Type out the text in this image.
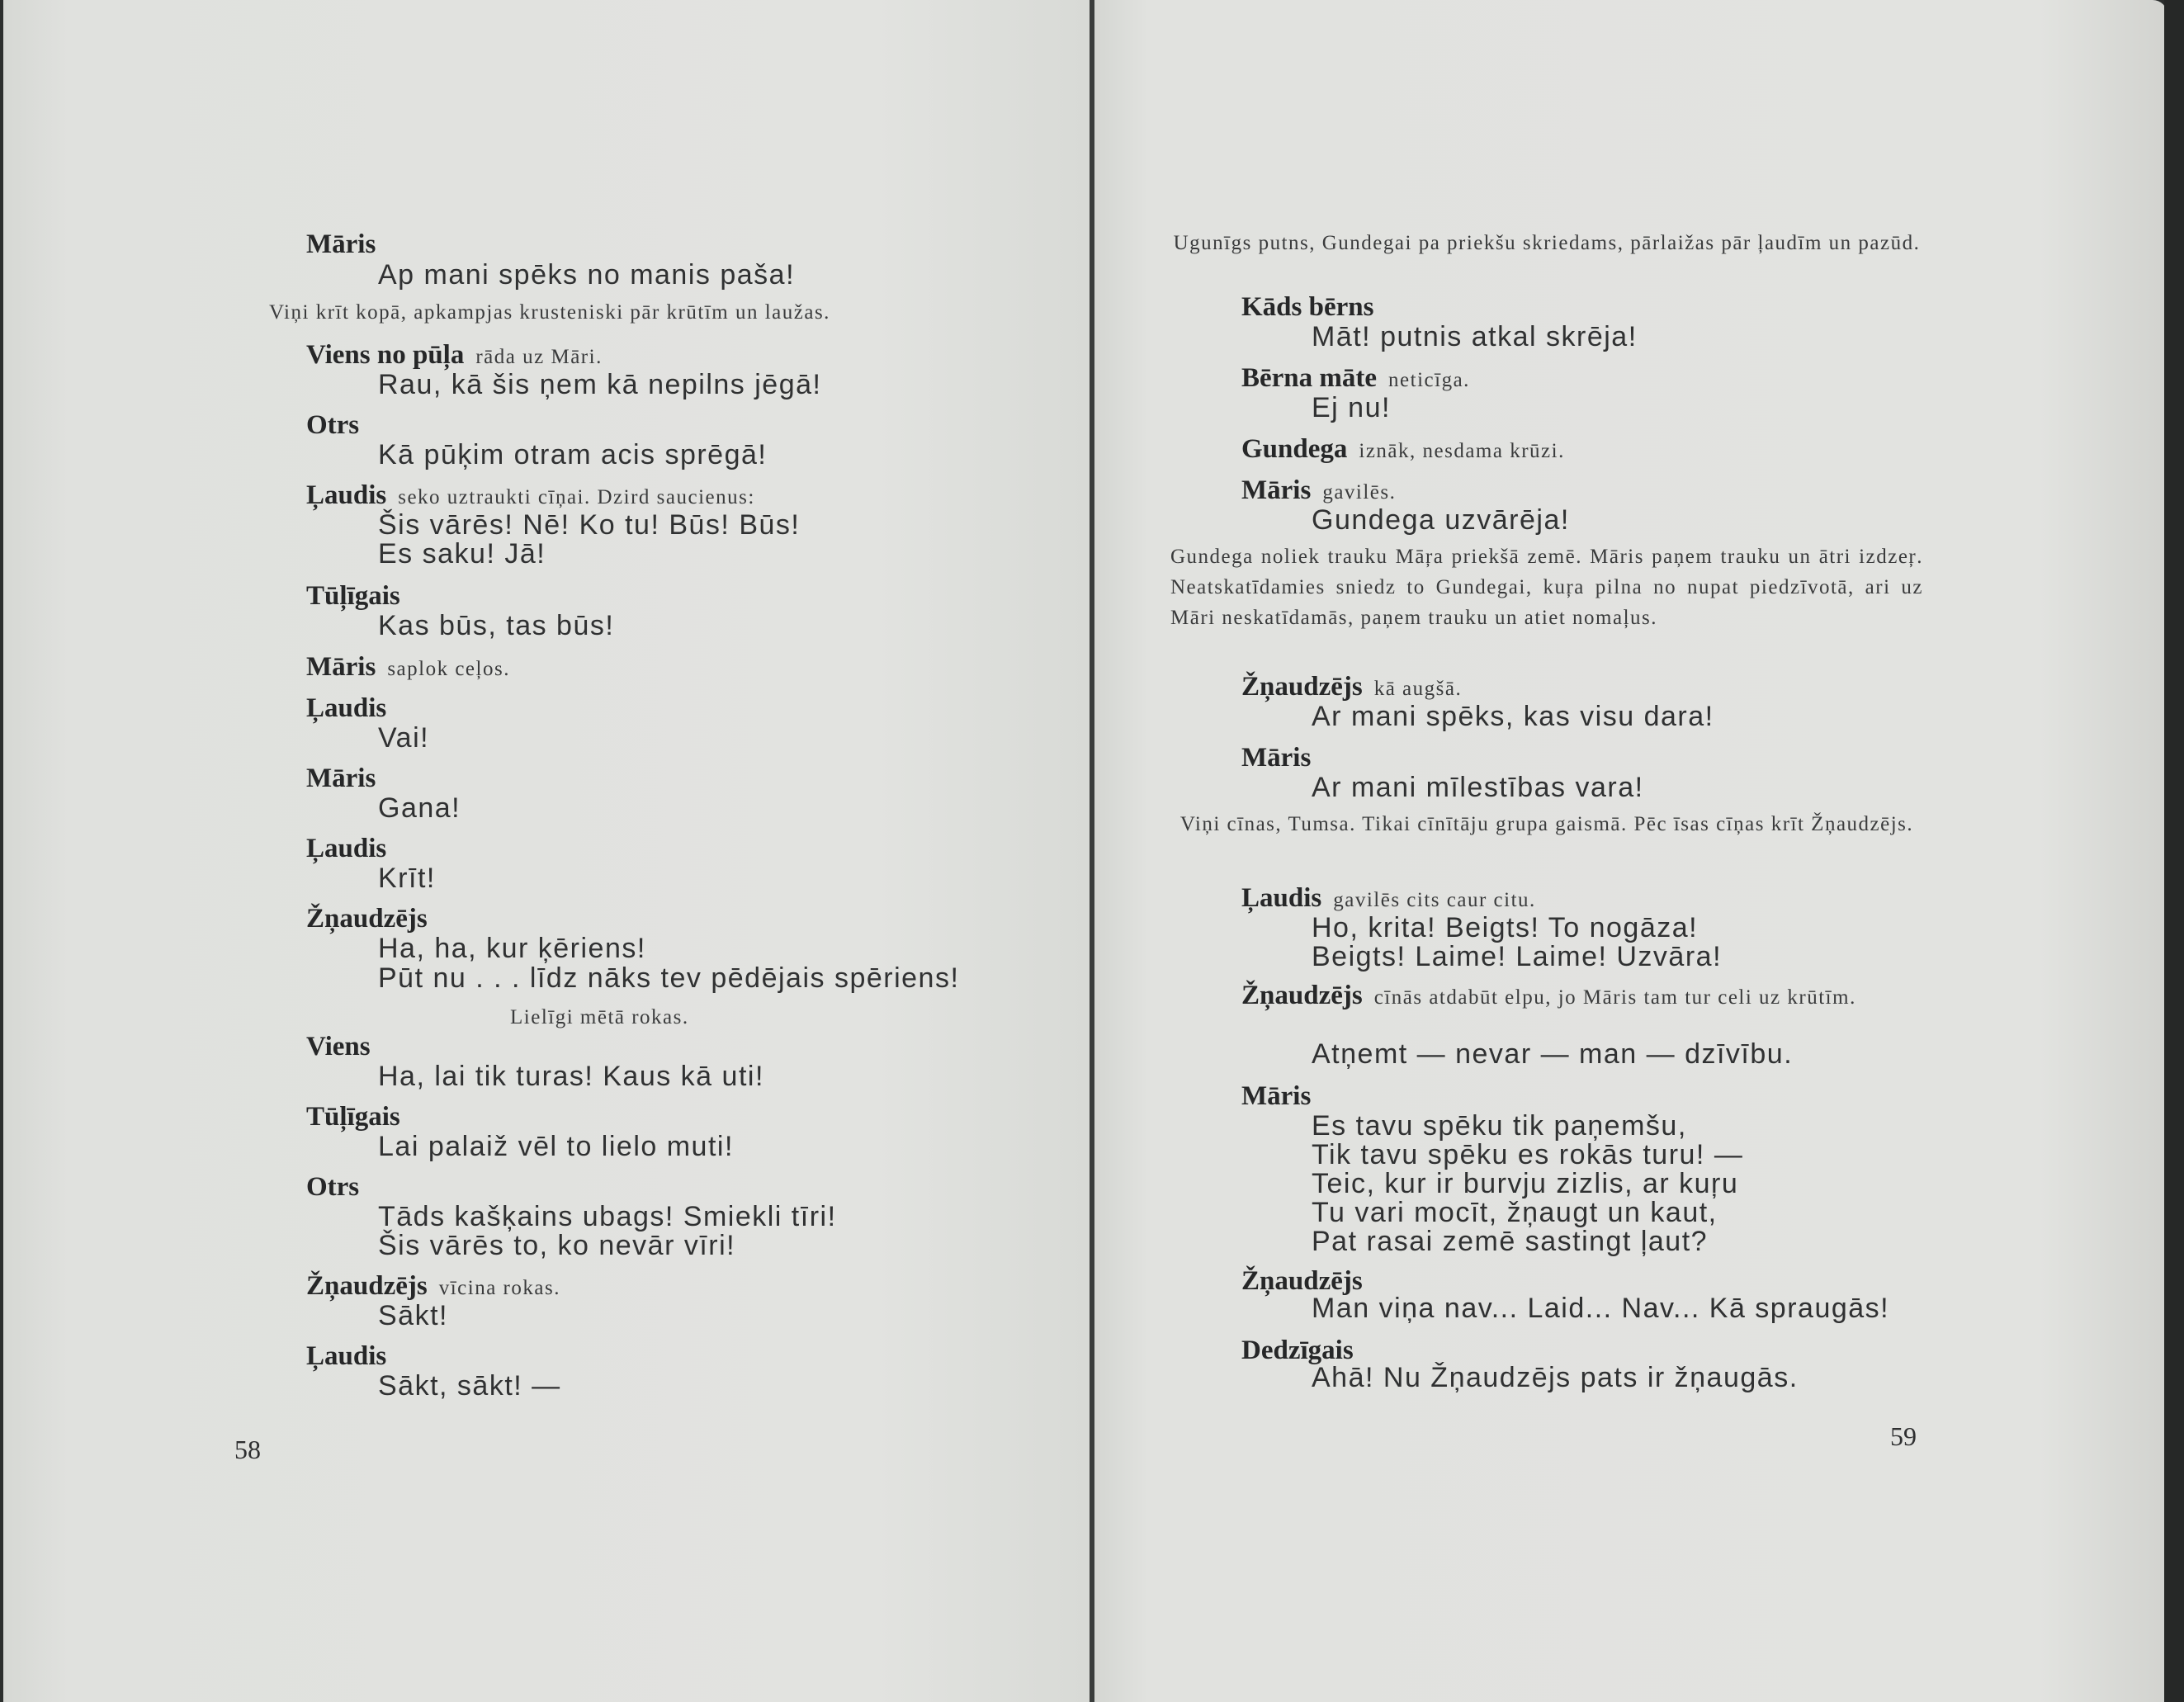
Māris
Ap mani spēks no manis paša!
Viņi krīt kopā, apkampjas krusteniski pār krūtīm un laužas.
Viens no pūļa rāda uz Māri.
Rau, kā šis ņem kā nepilns jēgā!
Otrs
Kā pūķim otram acis sprēgā!
Ļaudis seko uztraukti cīņai. Dzird saucienus:
Šis vārēs! Nē! Ko tu! Būs! Būs!
Es saku! Jā!
Tūļīgais
Kas būs, tas būs!
Māris saplok ceļos.
Ļaudis
Vai!
Māris
Gana!
Ļaudis
Krīt!
Žņaudzējs
Ha, ha, kur ķēriens!
Pūt nu . . . līdz nāks tev pēdējais spēriens!
Lielīgi mētā rokas.
Viens
Ha, lai tik turas! Kaus kā uti!
Tūļīgais
Lai palaiž vēl to lielo muti!
Otrs
Tāds kašķains ubags! Smiekli tīri!
Šis vārēs to, ko nevār vīri!
Žņaudzējs vīcina rokas.
Sākt!
Ļaudis
Sākt, sākt! —
58
Ugunīgs putns, Gundegai pa priekšu skriedams, pārlaižas pār ļaudīm un pazūd.
Kāds bērns
Māt! putnis atkal skrēja!
Bērna māte neticīga.
Ej nu!
Gundega iznāk, nesdama krūzi.
Māris gavilēs.
Gundega uzvārēja!
Gundega noliek trauku Māŗa priekšā zemē. Māris paņem trauku un ātri izdzeŗ. Neatskatīdamies sniedz to Gundegai, kuŗa pilna no nupat piedzīvotā, ari uz Māri neskatīdamās, paņem trauku un atiet nomaļus.
Žņaudzējs kā augšā.
Ar mani spēks, kas visu dara!
Māris
Ar mani mīlestības vara!
Viņi cīnas, Tumsa. Tikai cīnītāju grupa gaismā. Pēc īsas cīņas krīt Žņaudzējs.
Ļaudis gavilēs cits caur citu.
Ho, krita! Beigts! To nogāza!
Beigts! Laime! Laime! Uzvāra!
Žņaudzējs cīnās atdabūt elpu, jo Māris tam tur celi uz krūtīm.
Atņemt — nevar — man — dzīvību.
Māris
Es tavu spēku tik paņemšu,
Tik tavu spēku es rokās turu! —
Teic, kur ir burvju zizlis, ar kuŗu
Tu vari mocīt, žņaugt un kaut,
Pat rasai zemē sastingt ļaut?
Žņaudzējs
Man viņa nav... Laid... Nav... Kā spraugās!
Dedzīgais
Ahā! Nu Žņaudzējs pats ir žņaugās.
59
